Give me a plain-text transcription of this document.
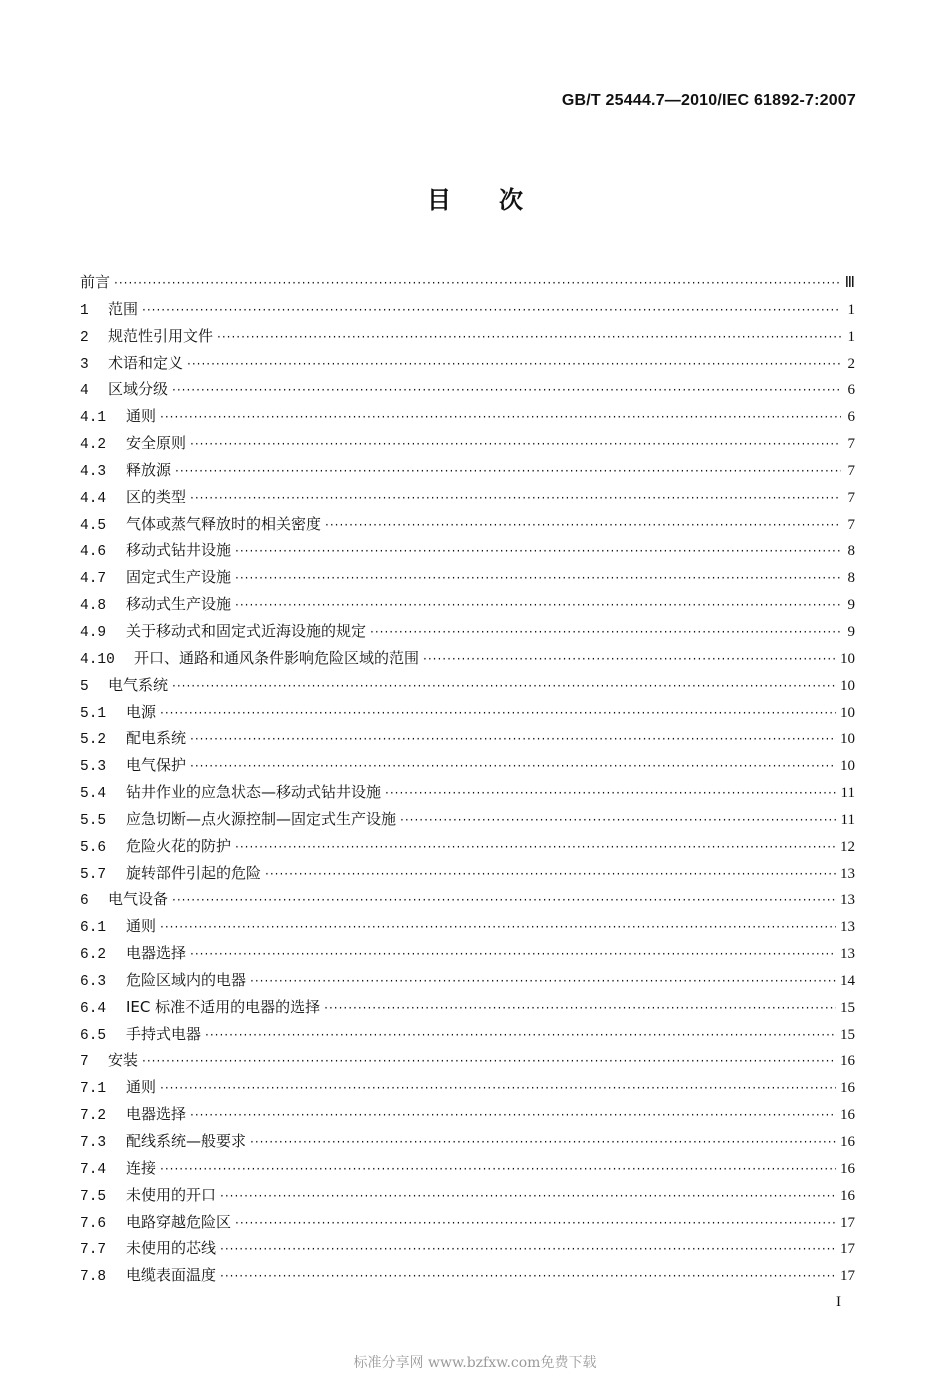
GB/T 25444.7—2010/IEC 61892-7:2007
目次
前言 ·····	Ⅲ
1	范围 ·····	1
2	规范性引用文件 ·····	1
3	术语和定义 ·····	2
4	区域分级 ·····	6
4.1	通则 ·····	6
4.2	安全原则 ·····	7
4.3	释放源 ·····	7
4.4	区的类型 ·····	7
4.5	气体或蒸气释放时的相关密度 ·····	7
4.6	移动式钻井设施 ·····	8
4.7	固定式生产设施 ·····	8
4.8	移动式生产设施 ·····	9
4.9	关于移动式和固定式近海设施的规定 ·····	9
4.10	开口、通路和通风条件影响危险区域的范围 ·····	10
5	电气系统 ·····	10
5.1	电源 ·····	10
5.2	配电系统 ·····	10
5.3	电气保护 ·····	10
5.4	钻井作业的应急状态—移动式钻井设施 ·····	11
5.5	应急切断—点火源控制—固定式生产设施 ·····	11
5.6	危险火花的防护 ·····	12
5.7	旋转部件引起的危险 ·····	13
6	电气设备 ·····	13
6.1	通则 ·····	13
6.2	电器选择 ·····	13
6.3	危险区域内的电器 ·····	14
6.4	IEC 标准不适用的电器的选择 ·····	15
6.5	手持式电器 ·····	15
7	安装 ·····	16
7.1	通则 ·····	16
7.2	电器选择 ·····	16
7.3	配线系统—般要求 ·····	16
7.4	连接 ·····	16
7.5	未使用的开口 ·····	16
7.6	电路穿越危险区 ·····	17
7.7	未使用的芯线 ·····	17
7.8	电缆表面温度 ·····	17
I
标准分享网 www.bzfxw.com免费下载
